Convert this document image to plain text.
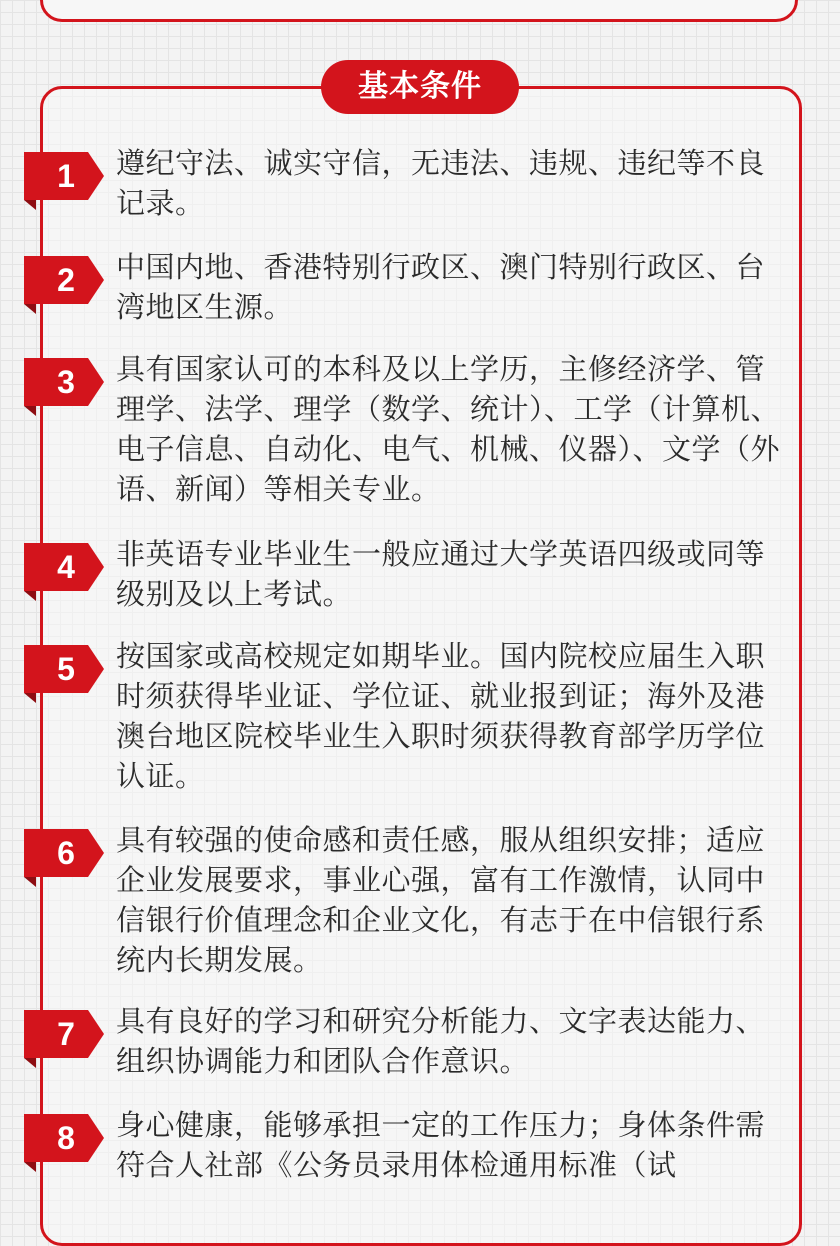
基本条件
1 遵纪守法、诚实守信，无违法、违规、违纪等不良记录。
2 中国内地、香港特别行政区、澳门特别行政区、台湾地区生源。
3 具有国家认可的本科及以上学历，主修经济学、管理学、法学、理学（数学、统计）、工学（计算机、电子信息、自动化、电气、机械、仪器）、文学（外语、新闻）等相关专业。
4 非英语专业毕业生一般应通过大学英语四级或同等级别及以上考试。
5 按国家或高校规定如期毕业。国内院校应届生入职时须获得毕业证、学位证、就业报到证；海外及港澳台地区院校毕业生入职时须获得教育部学历学位认证。
6 具有较强的使命感和责任感，服从组织安排；适应企业发展要求，事业心强，富有工作激情，认同中信银行价值理念和企业文化，有志于在中信银行系统内长期发展。
7 具有良好的学习和研究分析能力、文字表达能力、组织协调能力和团队合作意识。
8 身心健康，能够承担一定的工作压力；身体条件需符合人社部《公务员录用体检通用标准（试
